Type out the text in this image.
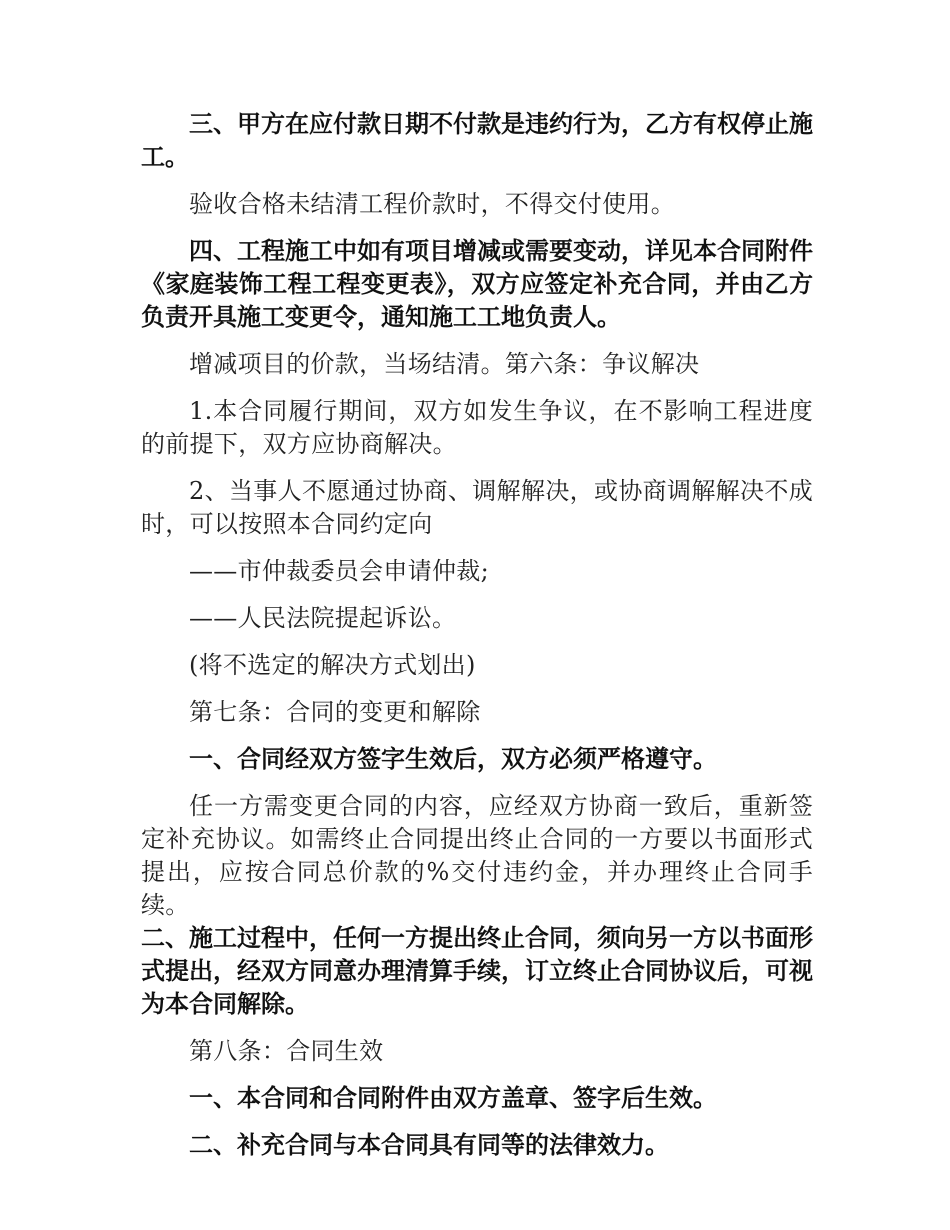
三、甲方在应付款日期不付款是违约行为，乙方有权停止施工。

验收合格未结清工程价款时，不得交付使用。

四、工程施工中如有项目增减或需要变动，详见本合同附件《家庭装饰工程工程变更表》，双方应签定补充合同，并由乙方负责开具施工变更令，通知施工工地负责人。

增减项目的价款，当场结清。第六条：争议解决

1.本合同履行期间，双方如发生争议，在不影响工程进度的前提下，双方应协商解决。

2、当事人不愿通过协商、调解解决，或协商调解解决不成时，可以按照本合同约定向

——市仲裁委员会申请仲裁;

——人民法院提起诉讼。

(将不选定的解决方式划出)

第七条：合同的变更和解除

一、合同经双方签字生效后，双方必须严格遵守。

任一方需变更合同的内容，应经双方协商一致后，重新签定补充协议。如需终止合同提出终止合同的一方要以书面形式提出，应按合同总价款的%交付违约金，并办理终止合同手续。

二、施工过程中，任何一方提出终止合同，须向另一方以书面形式提出，经双方同意办理清算手续，订立终止合同协议后，可视为本合同解除。

第八条：合同生效

一、本合同和合同附件由双方盖章、签字后生效。

二、补充合同与本合同具有同等的法律效力。
